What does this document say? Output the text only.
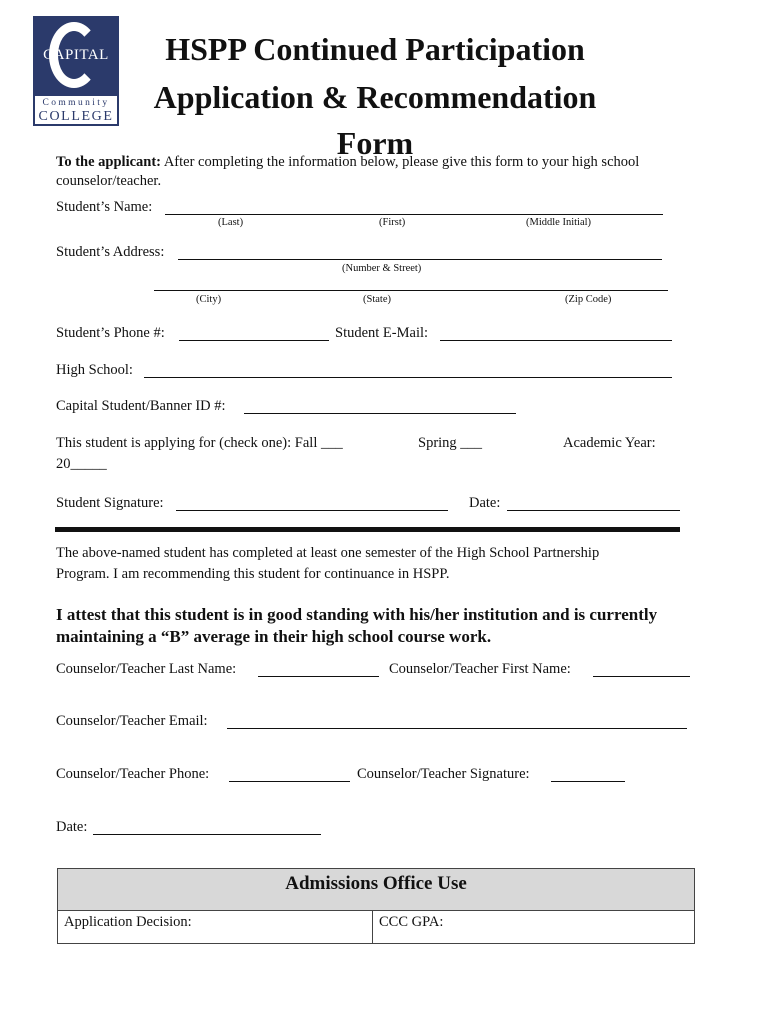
CAPITAL
Community
COLLEGE
HSPP Continued Participation
Application & Recommendation Form
To the applicant: After completing the information below, please give this form to your high school
counselor/teacher.
Student’s Name:
(Last)	(First)	(Middle Initial)
Student’s Address:
(Number & Street)
(City)	(State)	(Zip Code)
Student’s Phone #:	Student E-Mail:
High School:
Capital Student/Banner ID #:
This student is applying for (check one): Fall ___	Spring ___	Academic Year:
20_____
Student Signature:	Date:
The above-named student has completed at least one semester of the High School Partnership
Program. I am recommending this student for continuance in HSPP.
I attest that this student is in good standing with his/her institution and is currently
maintaining a “B” average in their high school course work.
Counselor/Teacher Last Name:	Counselor/Teacher First Name:
Counselor/Teacher Email:
Counselor/Teacher Phone:	Counselor/Teacher Signature:
Date:
Admissions Office Use
Application Decision:	CCC GPA:
